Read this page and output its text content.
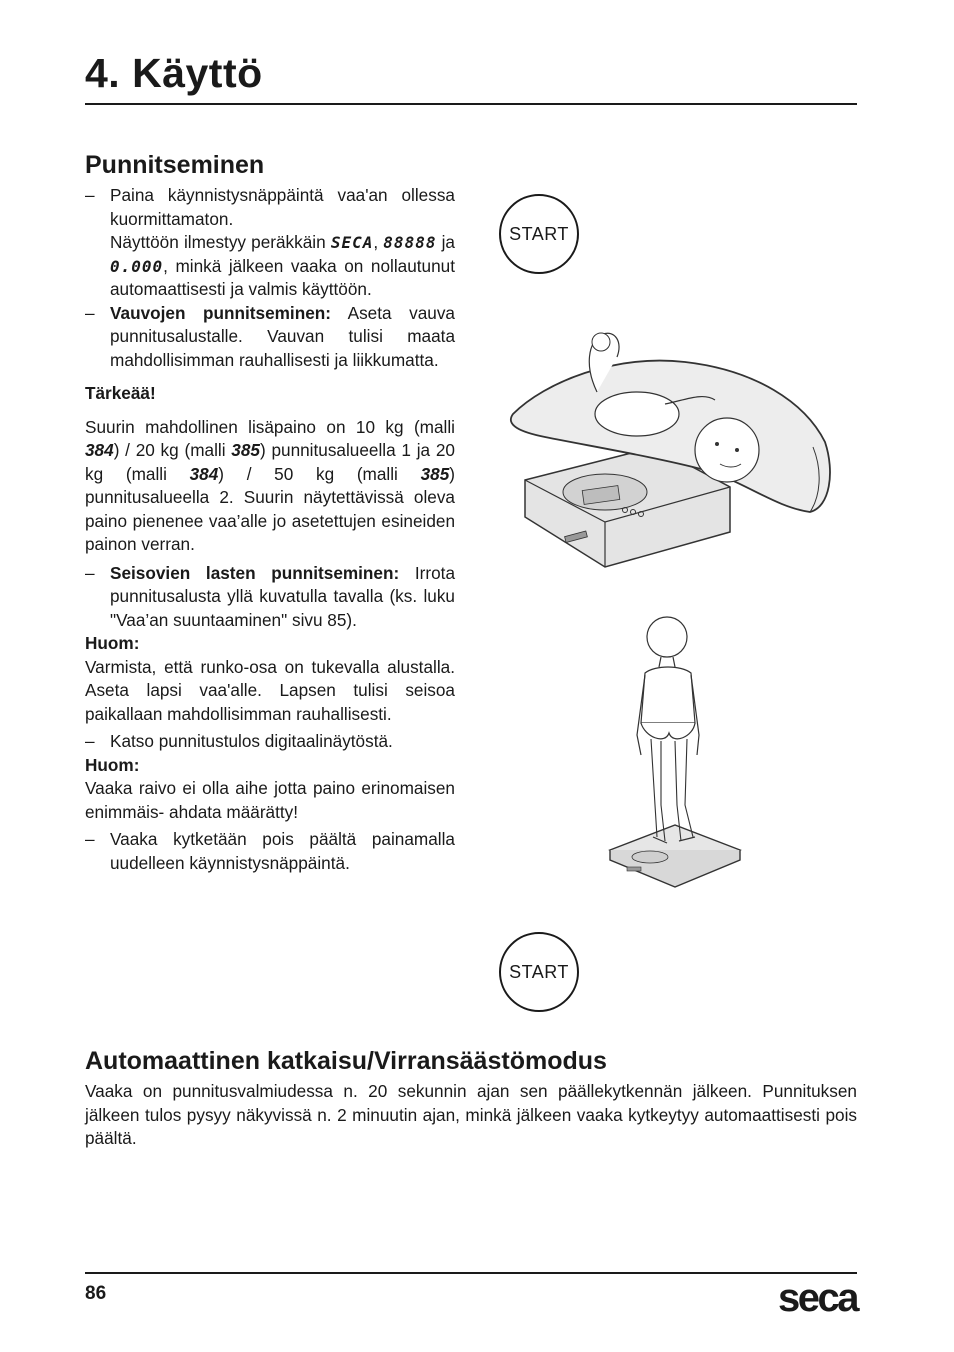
4. Käyttö
Punnitseminen
– Paina käynnistysnäppäintä vaa'an ollessa kuormittamaton.
Näyttöön ilmestyy peräkkäin SECA, 88888 ja 0.000, minkä jälkeen vaaka on nollautunut automaattisesti ja valmis käyttöön.
– Vauvojen punnitseminen: Aseta vauva punnitusalustalle. Vauvan tulisi maata mahdollisimman rauhallisesti ja liikkumatta.

Tärkeää!

Suurin mahdollinen lisäpaino on 10 kg (malli 384) / 20 kg (malli 385) punnitusalueella 1 ja 20 kg (malli 384) / 50 kg (malli 385) punnitusalueella 2. Suurin näytettävissä oleva paino pienenee vaa’alle jo asetettujen esineiden painon verran.

– Seisovien lasten punnitseminen: Irrota punnitusalusta yllä kuvatulla tavalla (ks. luku "Vaa’an suuntaaminen" sivu 85).

Huom:

Varmista, että runko-osa on tukevalla alustalla. Aseta lapsi vaa'alle. Lapsen tulisi seisoa paikallaan mahdollisimman rauhallisesti.

– Katso punnitustulos digitaalinäytöstä.

Huom:

Vaaka raivo ei olla aihe jotta paino erinomaisen enimmäis- ahdata määrätty!

– Vaaka kytketään pois päältä painamalla uudelleen käynnistysnäppäintä.
START
START
Automaattinen katkaisu/Virransäästömodus

Vaaka on punnitusvalmiudessa n. 20 sekunnin ajan sen päällekytkennän jälkeen. Punnituksen jälkeen tulos pysyy näkyvissä n. 2 minuutin ajan, minkä jälkeen vaaka kytkeytyy automaattisesti pois päältä.

86	seca
